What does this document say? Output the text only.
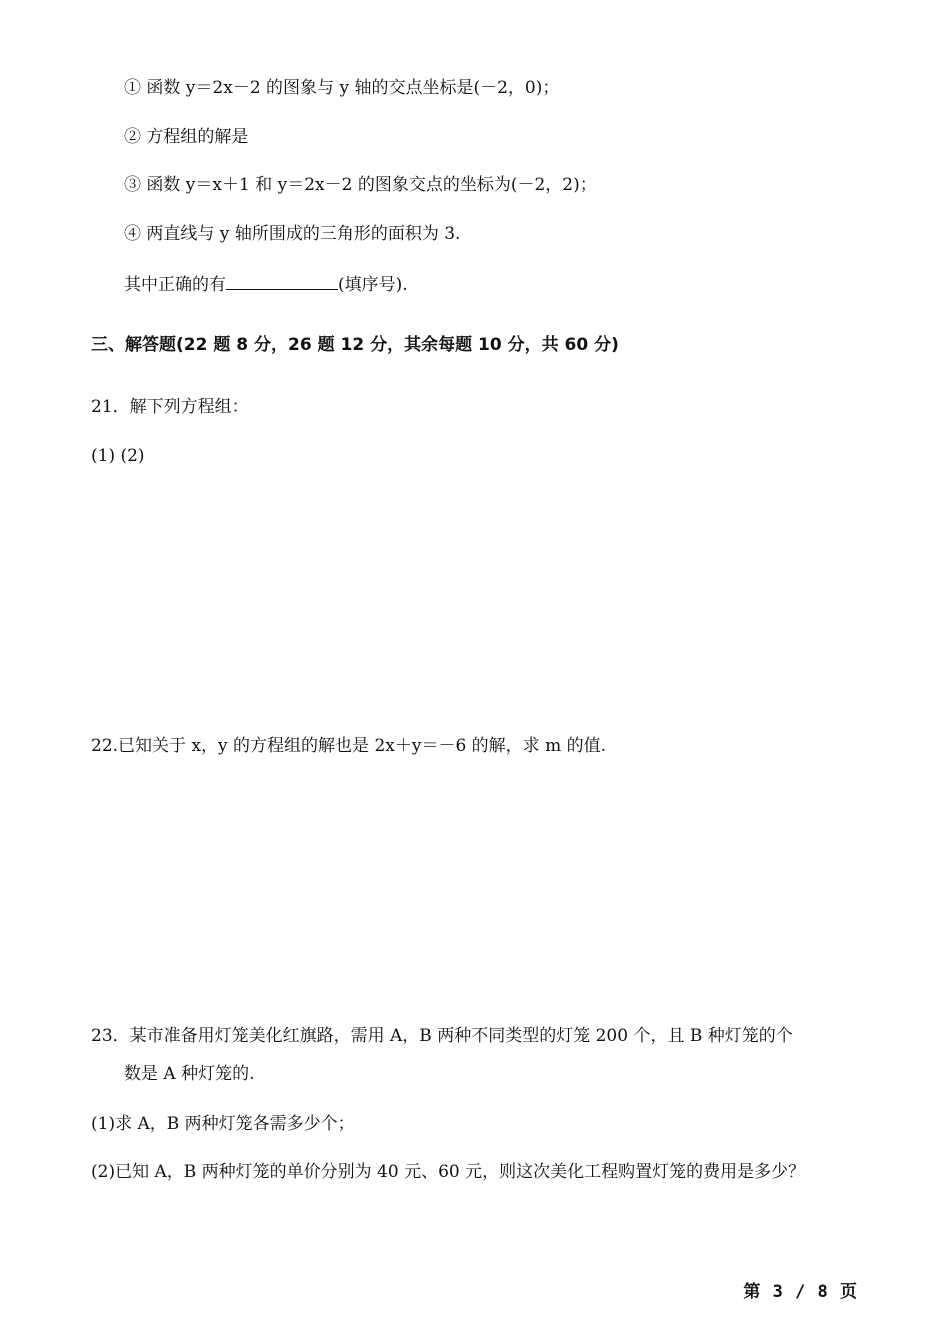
① 函数 y＝2x－2 的图象与 y 轴的交点坐标是(－2，0)；
② 方程组的解是
③ 函数 y＝x＋1 和 y＝2x－2 的图象交点的坐标为(－2，2)；
④ 两直线与 y 轴所围成的三角形的面积为 3.
其中正确的有	(填序号).
三、解答题(22 题 8 分，26 题 12 分，其余每题 10 分，共 60 分)
21．解下列方程组：
(1) (2)
22.已知关于 x，y 的方程组的解也是 2x＋y＝－6 的解，求 m 的值.
23．某市准备用灯笼美化红旗路，需用 A，B 两种不同类型的灯笼 200 个，且 B 种灯笼的个
数是 A 种灯笼的.
(1)求 A，B 两种灯笼各需多少个；
(2)已知 A，B 两种灯笼的单价分别为 40 元、60 元，则这次美化工程购置灯笼的费用是多少？
第 3 / 8 页
